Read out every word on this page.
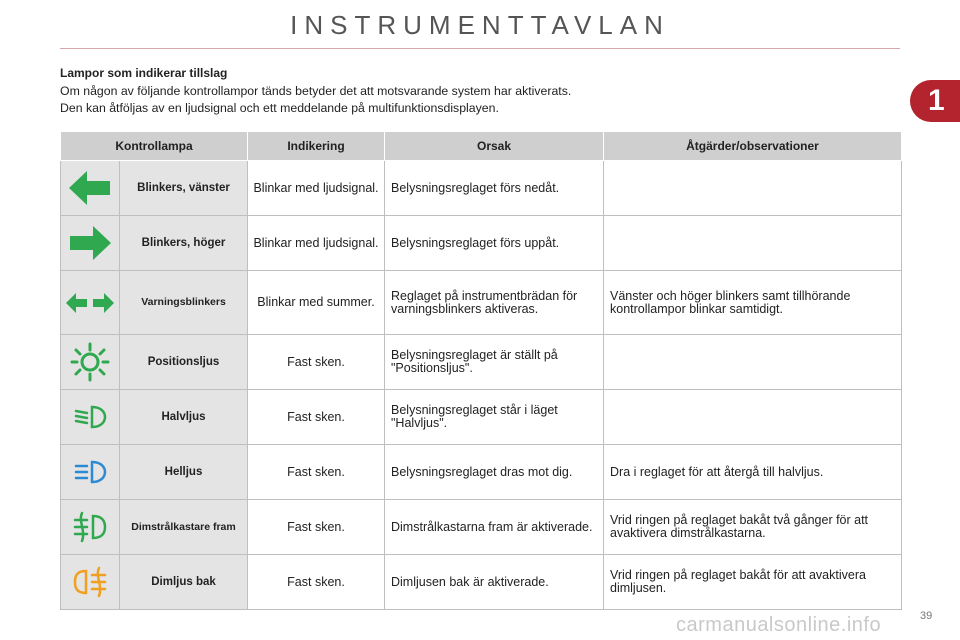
INSTRUMENTTAVLAN
1
Lampor som indikerar tillslag
Om någon av följande kontrollampor tänds betyder det att motsvarande system har aktiverats.
Den kan åtföljas av en ljudsignal och ett meddelande på multifunktionsdisplayen.
Kontrollampa		Indikering	Orsak	Åtgärder/observationer

	Blinkers, vänster	Blinkar med ljudsignal.	Belysningsreglaget förs nedåt.	

	Blinkers, höger	Blinkar med ljudsignal.	Belysningsreglaget förs uppåt.	

	Varningsblinkers	Blinkar med summer.	Reglaget på instrumentbrädan för varningsblinkers aktiveras.	Vänster och höger blinkers samt tillhörande kontrollampor blinkar samtidigt.

	Positionsljus	Fast sken.	Belysningsreglaget är ställt på "Positionsljus".	

	Halvljus	Fast sken.	Belysningsreglaget står i läget "Halvljus".	

	Helljus	Fast sken.	Belysningsreglaget dras mot dig.	Dra i reglaget för att återgå till halvljus.

	Dimstrålkastare fram	Fast sken.	Dimstrålkastarna fram är aktiverade.	Vrid ringen på reglaget bakåt två gånger för att avaktivera dimstrålkastarna.

	Dimljus bak	Fast sken.	Dimljusen bak är aktiverade.	Vrid ringen på reglaget bakåt för att avaktivera dimljusen.
carmanualsonline.info	39
